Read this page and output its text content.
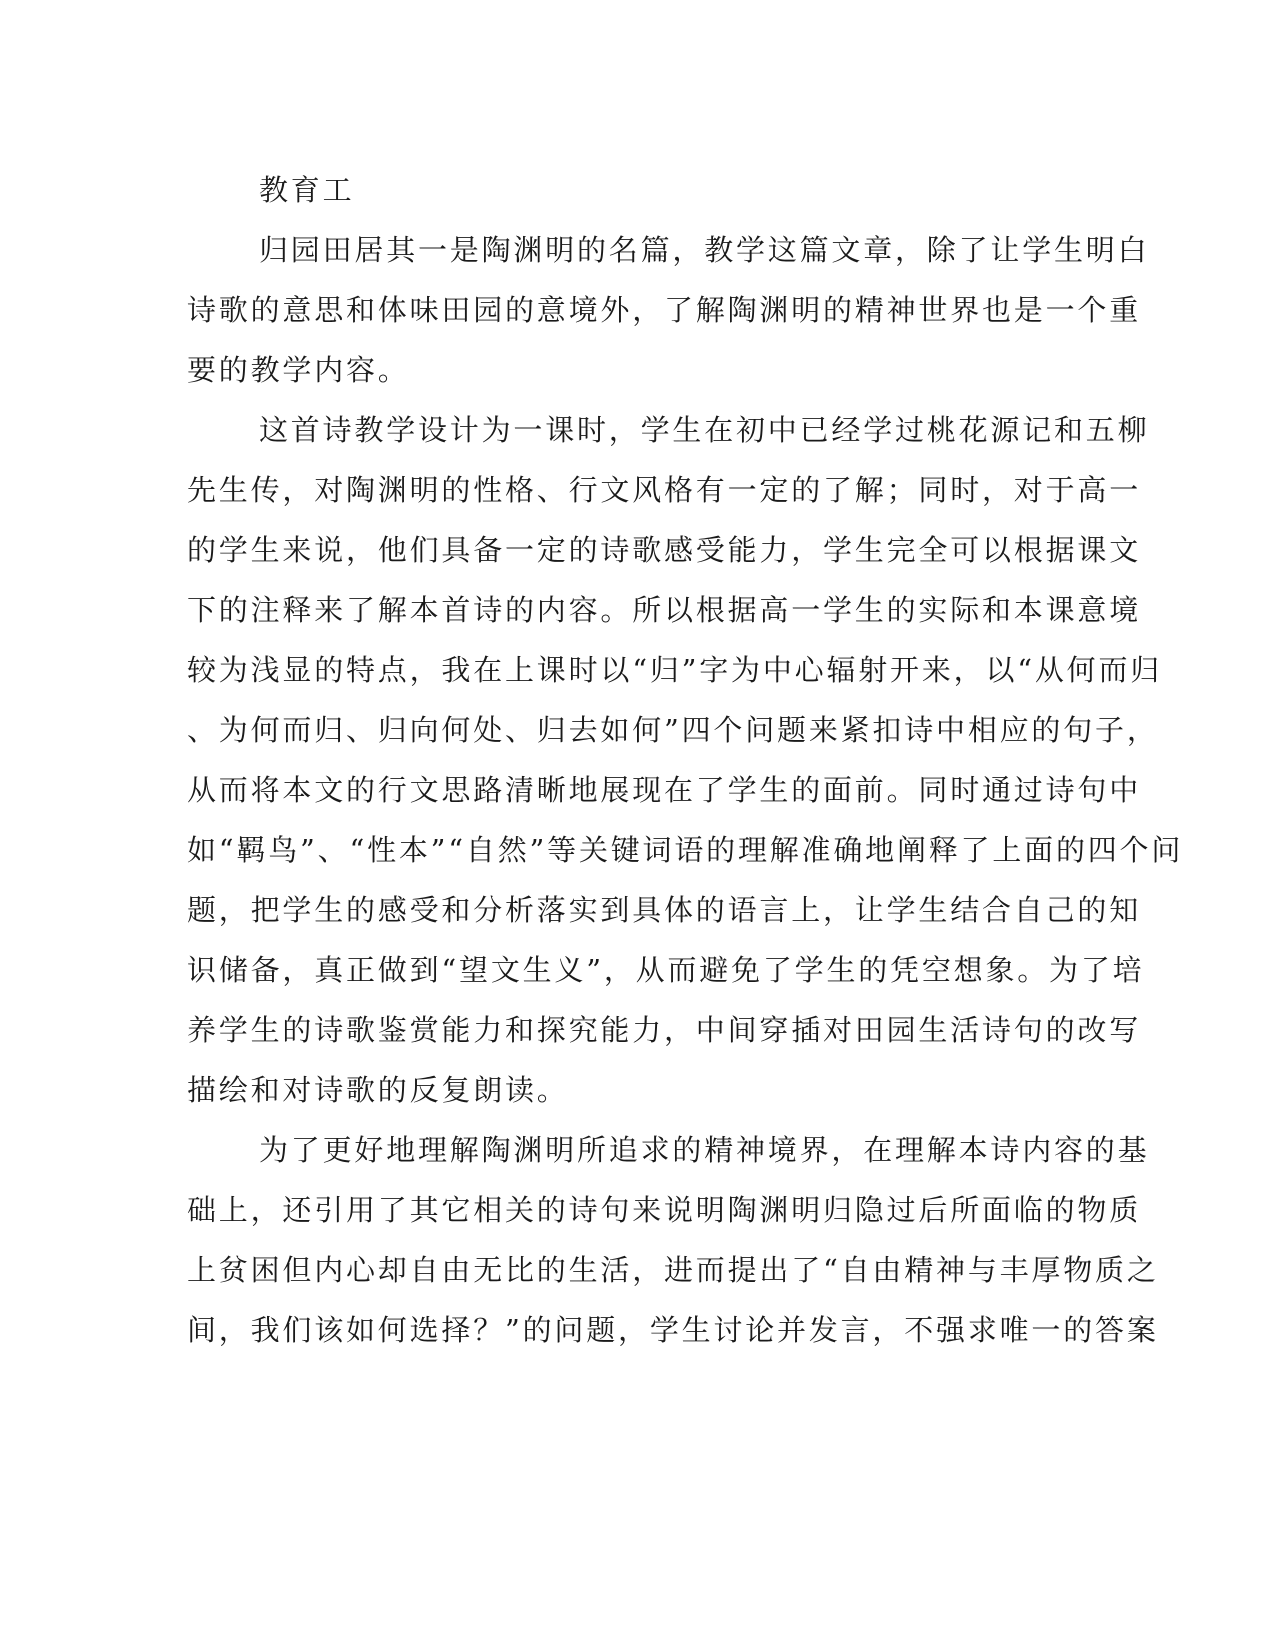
教育工
归园田居其一是陶渊明的名篇，教学这篇文章，除了让学生明白
诗歌的意思和体味田园的意境外，了解陶渊明的精神世界也是一个重
要的教学内容。
这首诗教学设计为一课时，学生在初中已经学过桃花源记和五柳
先生传，对陶渊明的性格、行文风格有一定的了解；同时，对于高一
的学生来说，他们具备一定的诗歌感受能力，学生完全可以根据课文
下的注释来了解本首诗的内容。所以根据高一学生的实际和本课意境
较为浅显的特点，我在上课时以“归”字为中心辐射开来，以“从何而归
、为何而归、归向何处、归去如何”四个问题来紧扣诗中相应的句子，
从而将本文的行文思路清晰地展现在了学生的面前。同时通过诗句中
如“羁鸟”、“性本”“自然”等关键词语的理解准确地阐释了上面的四个问
题，把学生的感受和分析落实到具体的语言上，让学生结合自己的知
识储备，真正做到“望文生义”，从而避免了学生的凭空想象。为了培
养学生的诗歌鉴赏能力和探究能力，中间穿插对田园生活诗句的改写
描绘和对诗歌的反复朗读。
为了更好地理解陶渊明所追求的精神境界，在理解本诗内容的基
础上，还引用了其它相关的诗句来说明陶渊明归隐过后所面临的物质
上贫困但内心却自由无比的生活，进而提出了“自由精神与丰厚物质之
间，我们该如何选择？”的问题，学生讨论并发言，不强求唯一的答案
